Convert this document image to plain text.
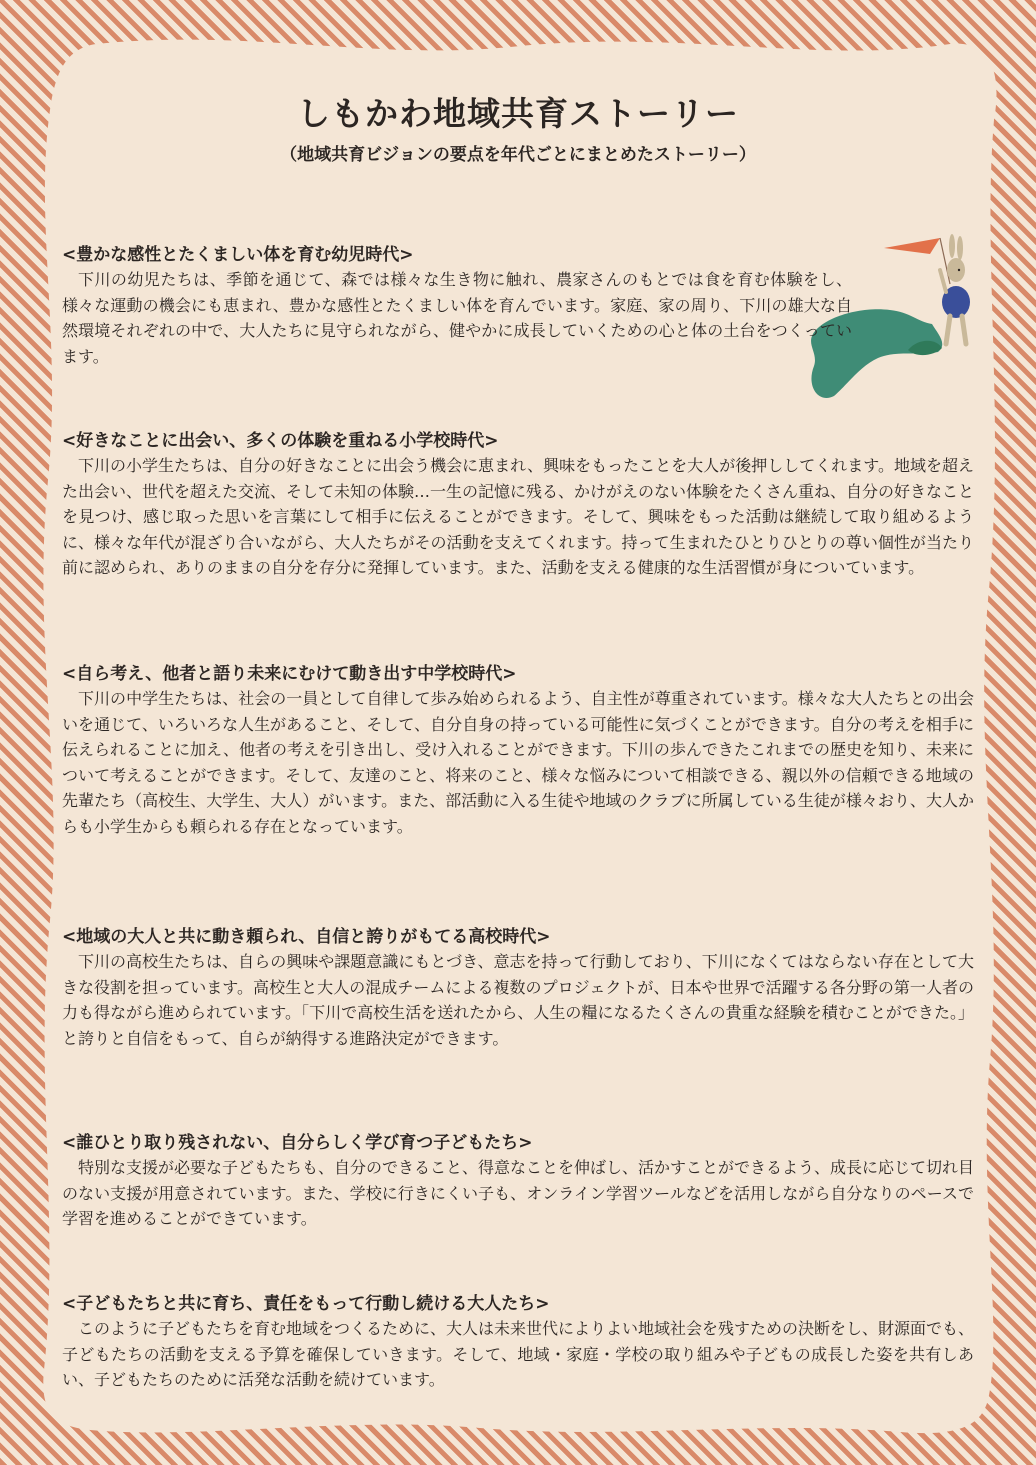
しもかわ地域共育ストーリー
（地域共育ビジョンの要点を年代ごとにまとめたストーリー）
<豊かな感性とたくましい体を育む幼児時代>

下川の幼児たちは、季節を通じて、森では様々な生き物に触れ、農家さんのもとでは食を育む体験をし、様々な運動の機会にも恵まれ、豊かな感性とたくましい体を育んでいます。家庭、家の周り、下川の雄大な自然環境それぞれの中で、大人たちに見守られながら、健やかに成長していくための心と体の土台をつくっています。

<好きなことに出会い、多くの体験を重ねる小学校時代>

下川の小学生たちは、自分の好きなことに出会う機会に恵まれ、興味をもったことを大人が後押ししてくれます。地域を超えた出会い、世代を超えた交流、そして未知の体験…一生の記憶に残る、かけがえのない体験をたくさん重ね、自分の好きなことを見つけ、感じ取った思いを言葉にして相手に伝えることができます。そして、興味をもった活動は継続して取り組めるように、様々な年代が混ざり合いながら、大人たちがその活動を支えてくれます。持って生まれたひとりひとりの尊い個性が当たり前に認められ、ありのままの自分を存分に発揮しています。また、活動を支える健康的な生活習慣が身についています。

<自ら考え、他者と語り未来にむけて動き出す中学校時代>

下川の中学生たちは、社会の一員として自律して歩み始められるよう、自主性が尊重されています。様々な大人たちとの出会いを通じて、いろいろな人生があること、そして、自分自身の持っている可能性に気づくことができます。自分の考えを相手に伝えられることに加え、他者の考えを引き出し、受け入れることができます。下川の歩んできたこれまでの歴史を知り、未来について考えることができます。そして、友達のこと、将来のこと、様々な悩みについて相談できる、親以外の信頼できる地域の先輩たち（高校生、大学生、大人）がいます。また、部活動に入る生徒や地域のクラブに所属している生徒が様々おり、大人からも小学生からも頼られる存在となっています。

<地域の大人と共に動き頼られ、自信と誇りがもてる高校時代>

下川の高校生たちは、自らの興味や課題意識にもとづき、意志を持って行動しており、下川になくてはならない存在として大きな役割を担っています。高校生と大人の混成チームによる複数のプロジェクトが、日本や世界で活躍する各分野の第一人者の力も得ながら進められています。「下川で高校生活を送れたから、人生の糧になるたくさんの貴重な経験を積むことができた。」と誇りと自信をもって、自らが納得する進路決定ができます。

<誰ひとり取り残されない、自分らしく学び育つ子どもたち>

特別な支援が必要な子どもたちも、自分のできること、得意なことを伸ばし、活かすことができるよう、成長に応じて切れ目のない支援が用意されています。また、学校に行きにくい子も、オンライン学習ツールなどを活用しながら自分なりのペースで学習を進めることができています。

<子どもたちと共に育ち、責任をもって行動し続ける大人たち>

このように子どもたちを育む地域をつくるために、大人は未来世代によりよい地域社会を残すための決断をし、財源面でも、子どもたちの活動を支える予算を確保していきます。そして、地域・家庭・学校の取り組みや子どもの成長した姿を共有しあい、子どもたちのために活発な活動を続けています。
